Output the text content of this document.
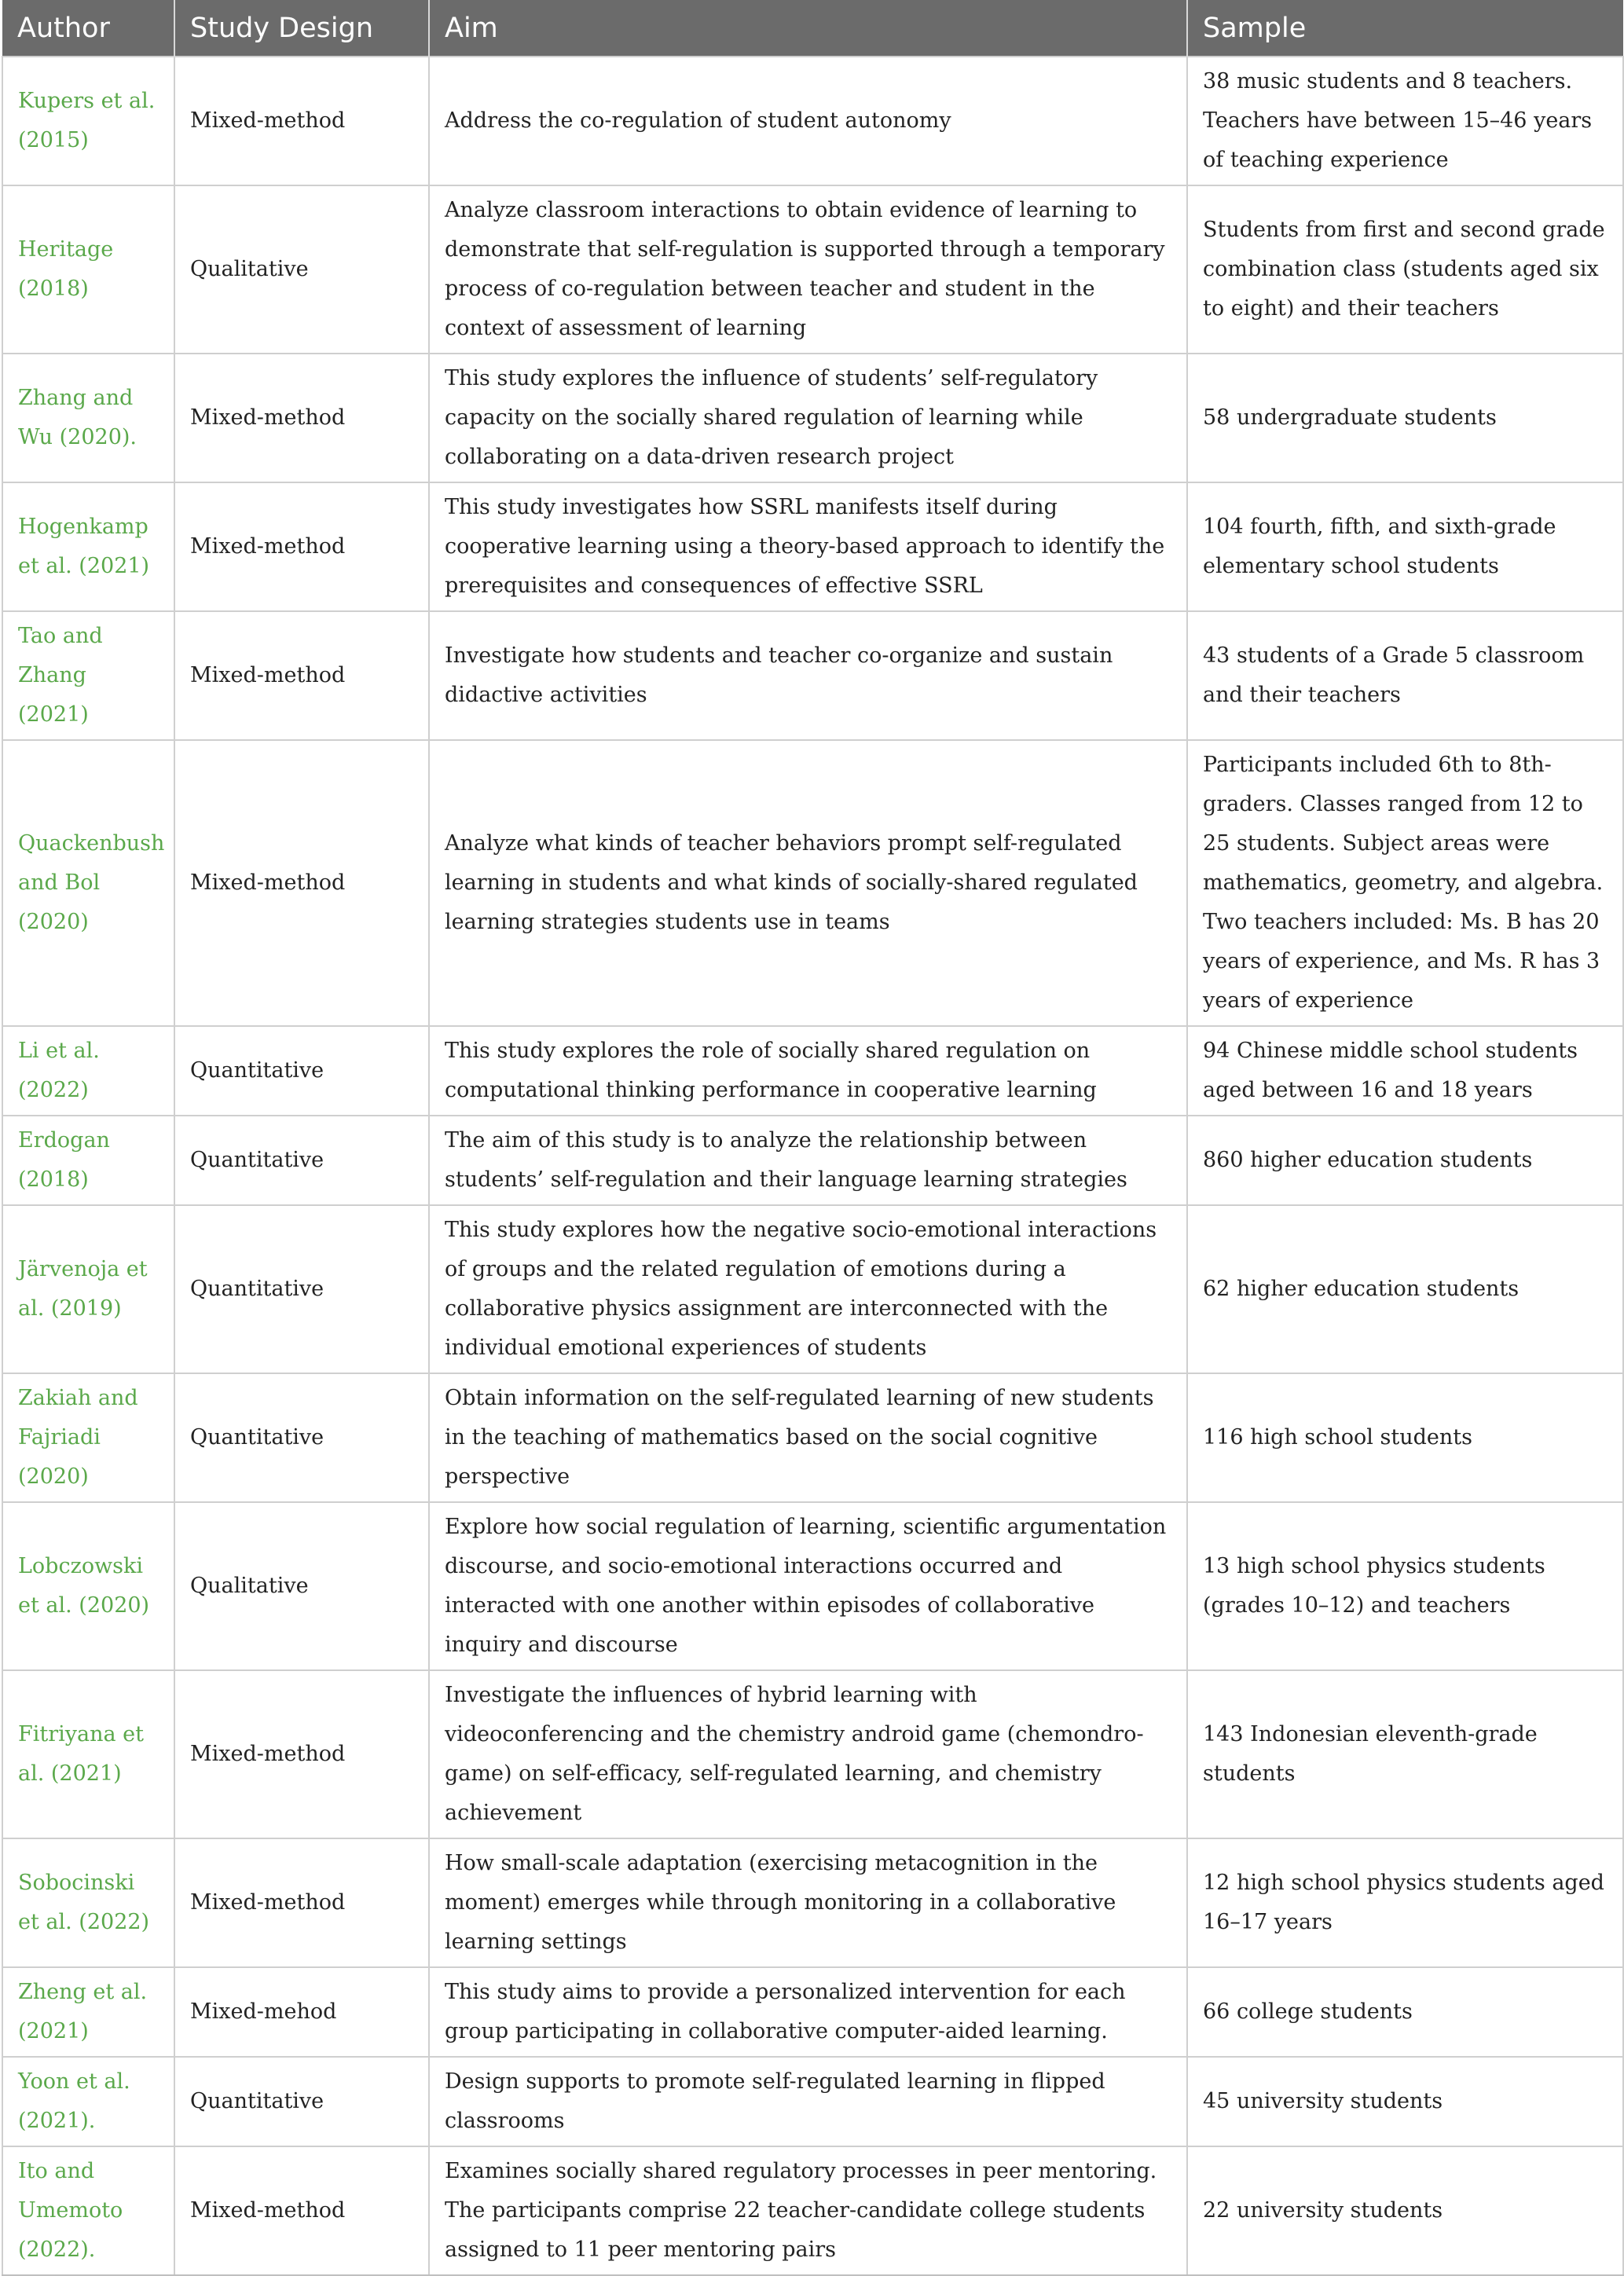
Author	Study Design	Aim	Sample
Kupers et al. (2015)	Mixed-method	Address the co-regulation of student autonomy	38 music students and 8 teachers. Teachers have between 15–46 years of teaching experience
Heritage (2018)	Qualitative	Analyze classroom interactions to obtain evidence of learning to demonstrate that self-regulation is supported through a temporary process of co-regulation between teacher and student in the context of assessment of learning	Students from first and second grade combination class (students aged six to eight) and their teachers
Zhang and Wu (2020).	Mixed-method	This study explores the influence of students’ self-regulatory capacity on the socially shared regulation of learning while collaborating on a data-driven research project	58 undergraduate students
Hogenkamp et al. (2021)	Mixed-method	This study investigates how SSRL manifests itself during cooperative learning using a theory-based approach to identify the prerequisites and consequences of effective SSRL	104 fourth, fifth, and sixth-grade elementary school students
Tao and Zhang (2021)	Mixed-method	Investigate how students and teacher co-organize and sustain didactive activities	43 students of a Grade 5 classroom and their teachers
Quackenbush and Bol (2020)	Mixed-method	Analyze what kinds of teacher behaviors prompt self-regulated learning in students and what kinds of socially-shared regulated learning strategies students use in teams	Participants included 6th to 8th-graders. Classes ranged from 12 to 25 students. Subject areas were mathematics, geometry, and algebra. Two teachers included: Ms. B has 20 years of experience, and Ms. R has 3 years of experience
Li et al. (2022)	Quantitative	This study explores the role of socially shared regulation on computational thinking performance in cooperative learning	94 Chinese middle school students aged between 16 and 18 years
Erdogan (2018)	Quantitative	The aim of this study is to analyze the relationship between students’ self-regulation and their language learning strategies	860 higher education students
Järvenoja et al. (2019)	Quantitative	This study explores how the negative socio-emotional interactions of groups and the related regulation of emotions during a collaborative physics assignment are interconnected with the individual emotional experiences of students	62 higher education students
Zakiah and Fajriadi (2020)	Quantitative	Obtain information on the self-regulated learning of new students in the teaching of mathematics based on the social cognitive perspective	116 high school students
Lobczowski et al. (2020)	Qualitative	Explore how social regulation of learning, scientific argumentation discourse, and socio-emotional interactions occurred and interacted with one another within episodes of collaborative inquiry and discourse	13 high school physics students (grades 10–12) and teachers
Fitriyana et al. (2021)	Mixed-method	Investigate the influences of hybrid learning with videoconferencing and the chemistry android game (chemondro-game) on self-efficacy, self-regulated learning, and chemistry achievement	143 Indonesian eleventh-grade students
Sobocinski et al. (2022)	Mixed-method	How small-scale adaptation (exercising metacognition in the moment) emerges while through monitoring in a collaborative learning settings	12 high school physics students aged 16–17 years
Zheng et al. (2021)	Mixed-mehod	This study aims to provide a personalized intervention for each group participating in collaborative computer-aided learning.	66 college students
Yoon et al. (2021).	Quantitative	Design supports to promote self-regulated learning in flipped classrooms	45 university students
Ito and Umemoto (2022).	Mixed-method	Examines socially shared regulatory processes in peer mentoring. The participants comprise 22 teacher-candidate college students assigned to 11 peer mentoring pairs	22 university students
